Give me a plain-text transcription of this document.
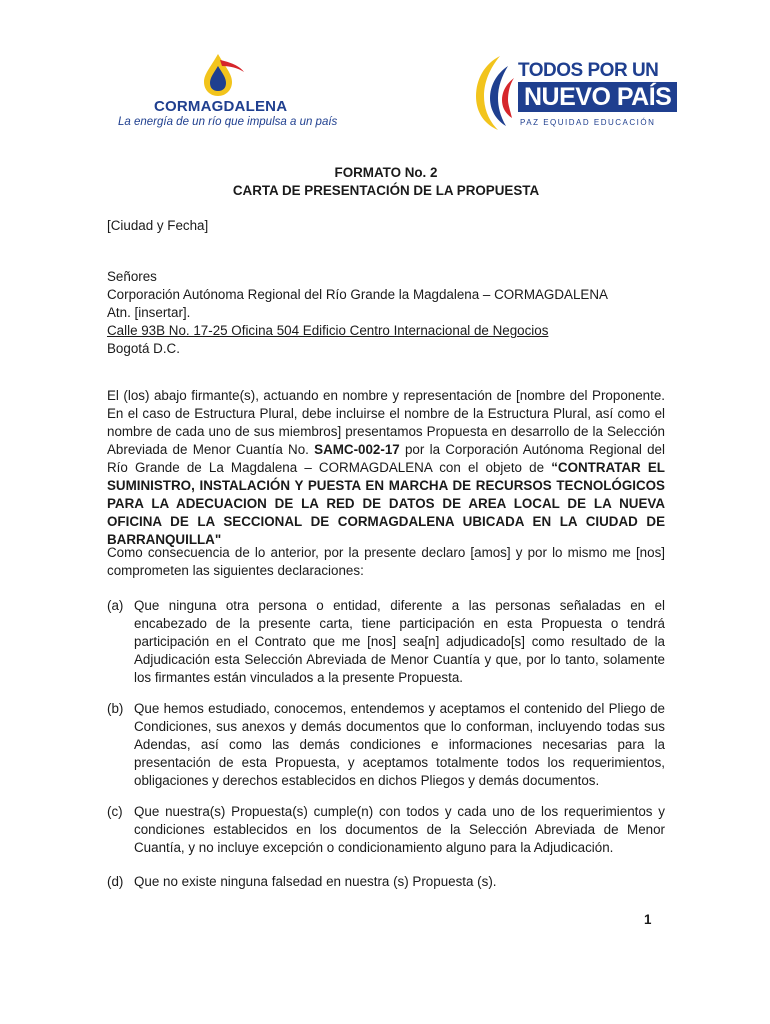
CORMAGDALENA
La energía de un río que impulsa a un país
TODOS POR UN
NUEVO PAÍS
PAZ EQUIDAD EDUCACIÓN
FORMATO No. 2
CARTA DE PRESENTACIÓN DE LA PROPUESTA
[Ciudad y Fecha]
Señores
Corporación Autónoma Regional del Río Grande la Magdalena – CORMAGDALENA
Atn. [insertar].
Calle 93B No. 17-25 Oficina 504 Edificio Centro Internacional de Negocios
Bogotá D.C.
El (los) abajo firmante(s), actuando en nombre y representación de [nombre del Proponente. En el caso de Estructura Plural, debe incluirse el nombre de la Estructura Plural, así como el nombre de cada uno de sus miembros] presentamos Propuesta en desarrollo de la Selección Abreviada de Menor Cuantía No. SAMC-002-17 por la Corporación Autónoma Regional del Río Grande de La Magdalena – CORMAGDALENA con el objeto de “CONTRATAR EL SUMINISTRO, INSTALACIÓN Y PUESTA EN MARCHA DE RECURSOS TECNOLÓGICOS PARA LA ADECUACION DE LA RED DE DATOS DE AREA LOCAL DE LA NUEVA OFICINA DE LA SECCIONAL DE CORMAGDALENA UBICADA EN LA CIUDAD DE BARRANQUILLA"
Como consecuencia de lo anterior, por la presente declaro [amos] y por lo mismo me [nos] comprometen las siguientes declaraciones:
(a) Que ninguna otra persona o entidad, diferente a las personas señaladas en el encabezado de la presente carta, tiene participación en esta Propuesta o tendrá participación en el Contrato que me [nos] sea[n] adjudicado[s] como resultado de la Adjudicación esta Selección Abreviada de Menor Cuantía y que, por lo tanto, solamente los firmantes están vinculados a la presente Propuesta.
(b) Que hemos estudiado, conocemos, entendemos y aceptamos el contenido del Pliego de Condiciones, sus anexos y demás documentos que lo conforman, incluyendo todas sus Adendas, así como las demás condiciones e informaciones necesarias para la presentación de esta Propuesta, y aceptamos totalmente todos los requerimientos, obligaciones y derechos establecidos en dichos Pliegos y demás documentos.
(c) Que nuestra(s) Propuesta(s) cumple(n) con todos y cada uno de los requerimientos y condiciones establecidos en los documentos de la Selección Abreviada de Menor Cuantía, y no incluye excepción o condicionamiento alguno para la Adjudicación.
(d) Que no existe ninguna falsedad en nuestra (s) Propuesta (s).
1
